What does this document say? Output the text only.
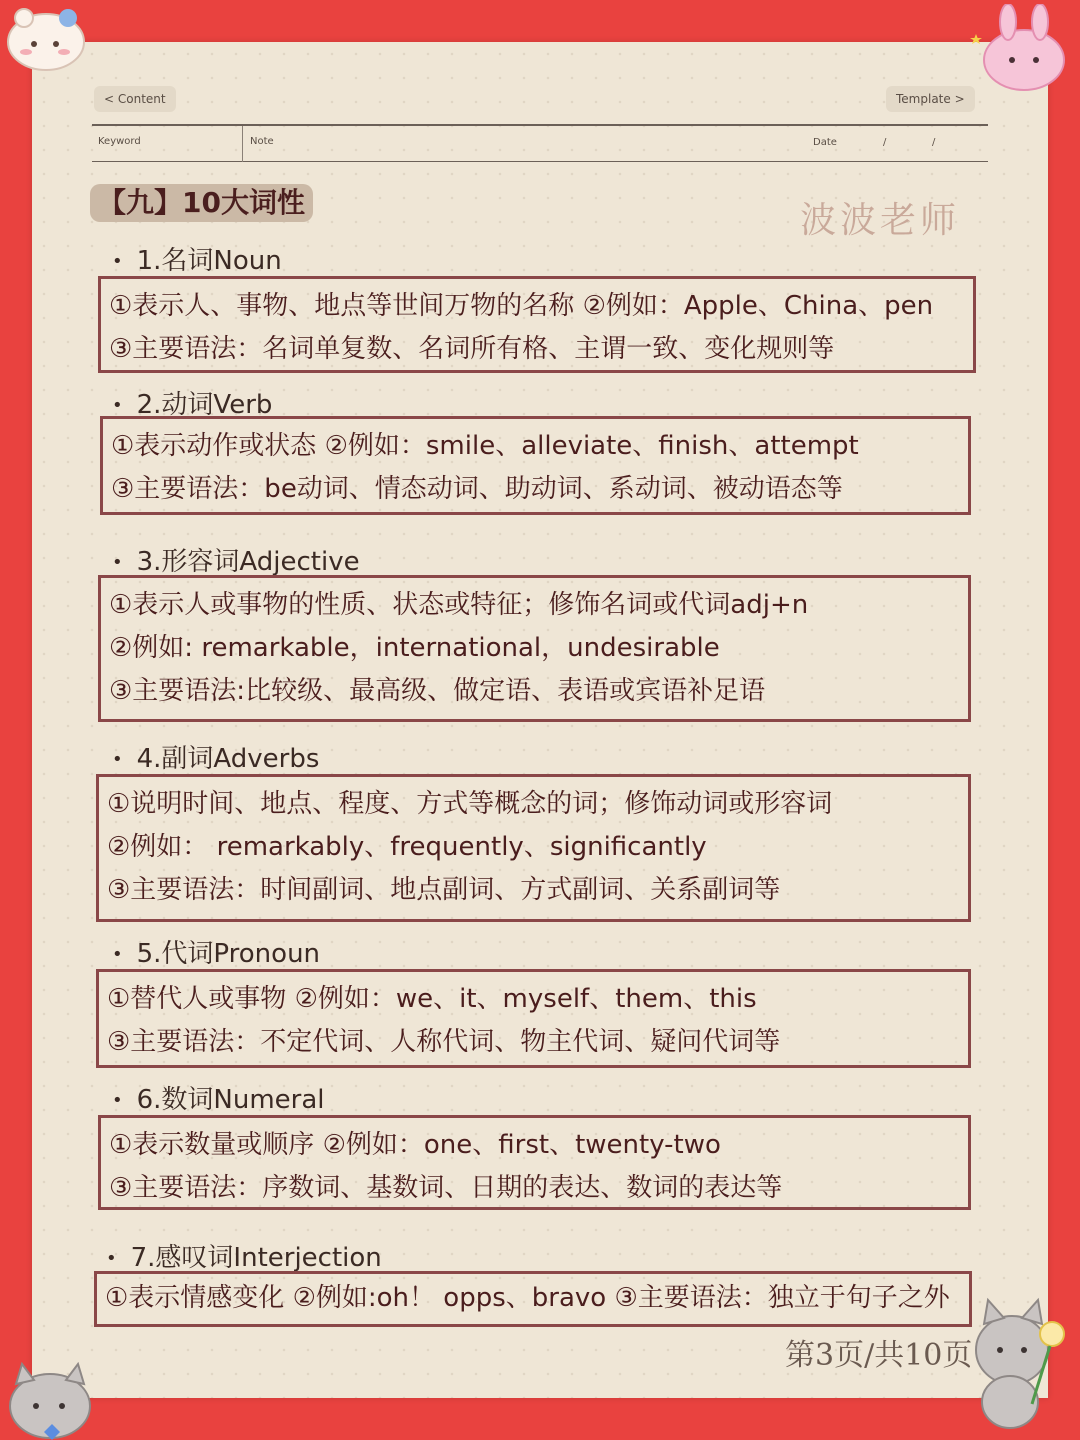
< Content	Template >
Keyword	Note	Date	/	/
【九】10大词性	波波老师
• 1.名词Noun
①表示人、事物、地点等世间万物的名称 ②例如：Apple、China、pen
③主要语法：名词单复数、名词所有格、主谓一致、变化规则等
• 2.动词Verb
①表示动作或状态 ②例如：smile、alleviate、finish、attempt
③主要语法：be动词、情态动词、助动词、系动词、被动语态等
• 3.形容词Adjective
①表示人或事物的性质、状态或特征；修饰名词或代词adj+n
②例如: remarkable，international，undesirable
③主要语法:比较级、最高级、做定语、表语或宾语补足语
• 4.副词Adverbs
①说明时间、地点、程度、方式等概念的词；修饰动词或形容词
②例如： remarkably、frequently、significantly
③主要语法：时间副词、地点副词、方式副词、关系副词等
• 5.代词Pronoun
①替代人或事物 ②例如：we、it、myself、them、this
③主要语法：不定代词、人称代词、物主代词、疑问代词等
• 6.数词Numeral
①表示数量或顺序 ②例如：one、first、twenty-two
③主要语法：序数词、基数词、日期的表达、数词的表达等
• 7.感叹词Interjection
①表示情感变化 ②例如:oh！ opps、bravo ③主要语法：独立于句子之外
第3页/共10页
